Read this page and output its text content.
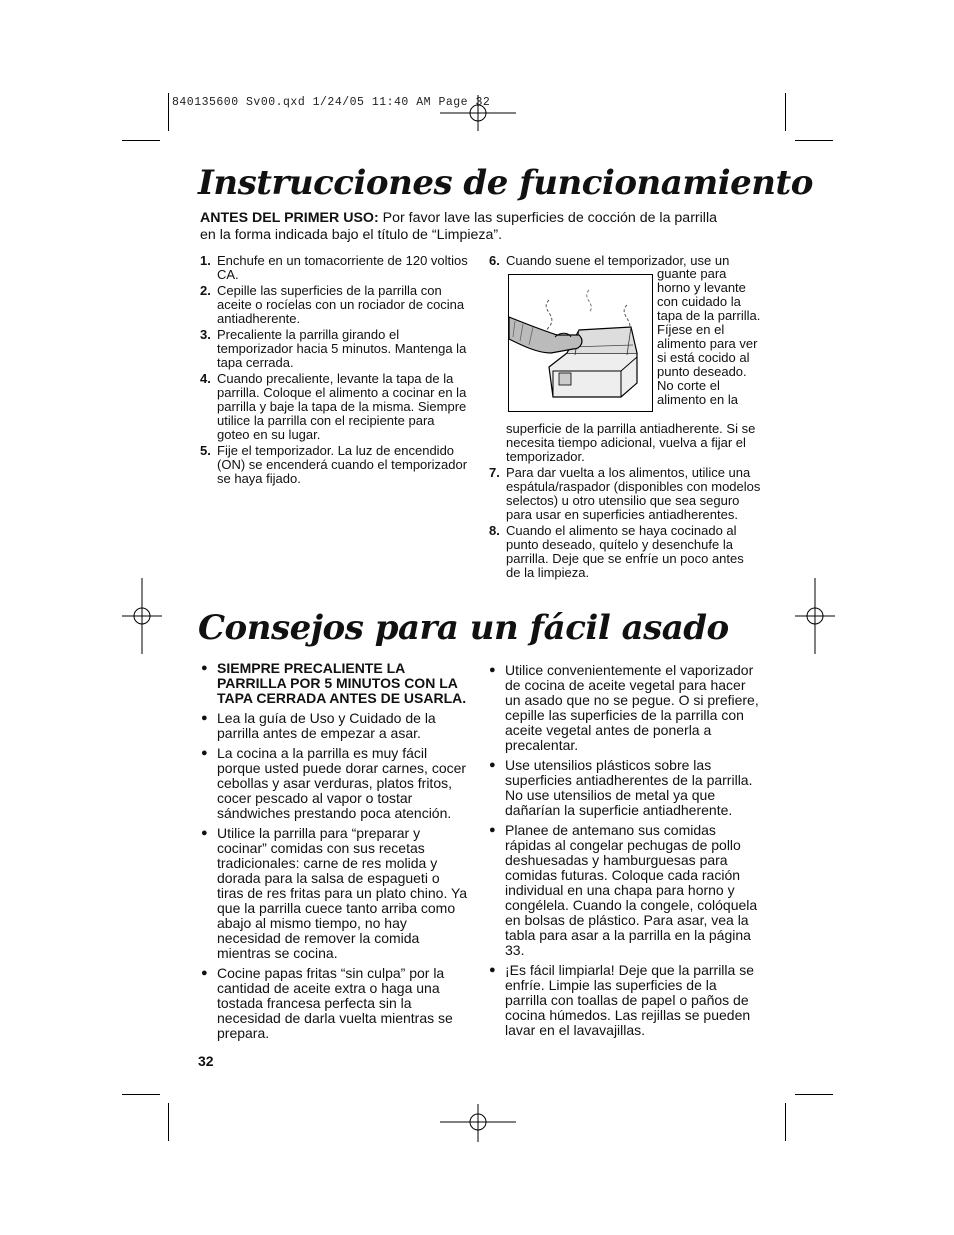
840135600 Sv00.qxd 1/24/05 11:40 AM Page 32
Instrucciones de funcionamiento
ANTES DEL PRIMER USO: Por favor lave las superficies de cocción de la parrilla
en la forma indicada bajo el título de “Limpieza”.
1. Enchufe en un tomacorriente de 120 voltios CA.
2. Cepille las superficies de la parrilla con aceite o rocíelas con un rociador de cocina antiadherente.
3. Precaliente la parrilla girando el temporizador hacia 5 minutos. Mantenga la tapa cerrada.
4. Cuando precaliente, levante la tapa de la parrilla. Coloque el alimento a cocinar en la parrilla y baje la tapa de la misma. Siempre utilice la parrilla con el recipiente para goteo en su lugar.
5. Fije el temporizador. La luz de encendido (ON) se encenderá cuando el temporizador se haya fijado.
6. Cuando suene el temporizador, use un
guante para horno y levante con cuidado la tapa de la parrilla. Fíjese en el alimento para ver si está cocido al punto deseado. No corte el alimento en la
superficie de la parrilla antiadherente. Si se necesita tiempo adicional, vuelva a fijar el temporizador.
7. Para dar vuelta a los alimentos, utilice una espátula/raspador (disponibles con modelos selectos) u otro utensilio que sea seguro para usar en superficies antiadherentes.
8. Cuando el alimento se haya cocinado al punto deseado, quítelo y desenchufe la parrilla. Deje que se enfríe un poco antes de la limpieza.
Consejos para un fácil asado
● SIEMPRE PRECALIENTE LA PARRILLA POR 5 MINUTOS CON LA TAPA CERRADA ANTES DE USARLA.
● Lea la guía de Uso y Cuidado de la parrilla antes de empezar a asar.
● La cocina a la parrilla es muy fácil porque usted puede dorar carnes, cocer cebollas y asar verduras, platos fritos, cocer pescado al vapor o tostar sándwiches prestando poca atención.
● Utilice la parrilla para “preparar y cocinar” comidas con sus recetas tradicionales: carne de res molida y dorada para la salsa de espagueti o tiras de res fritas para un plato chino. Ya que la parrilla cuece tanto arriba como abajo al mismo tiempo, no hay necesidad de remover la comida mientras se cocina.
● Cocine papas fritas “sin culpa” por la cantidad de aceite extra o haga una tostada francesa perfecta sin la necesidad de darla vuelta mientras se prepara.
● Utilice convenientemente el vaporizador de cocina de aceite vegetal para hacer un asado que no se pegue. O si prefiere, cepille las superficies de la parrilla con aceite vegetal antes de ponerla a precalentar.
● Use utensilios plásticos sobre las superficies antiadherentes de la parrilla. No use utensilios de metal ya que dañarían la superficie antiadherente.
● Planee de antemano sus comidas rápidas al congelar pechugas de pollo deshuesadas y hamburguesas para comidas futuras. Coloque cada ración individual en una chapa para horno y congélela. Cuando la congele, colóquela en bolsas de plástico. Para asar, vea la tabla para asar a la parrilla en la página 33.
● ¡Es fácil limpiarla! Deje que la parrilla se enfríe. Limpie las superficies de la parrilla con toallas de papel o paños de cocina húmedos. Las rejillas se pueden lavar en el lavavajillas.
32
